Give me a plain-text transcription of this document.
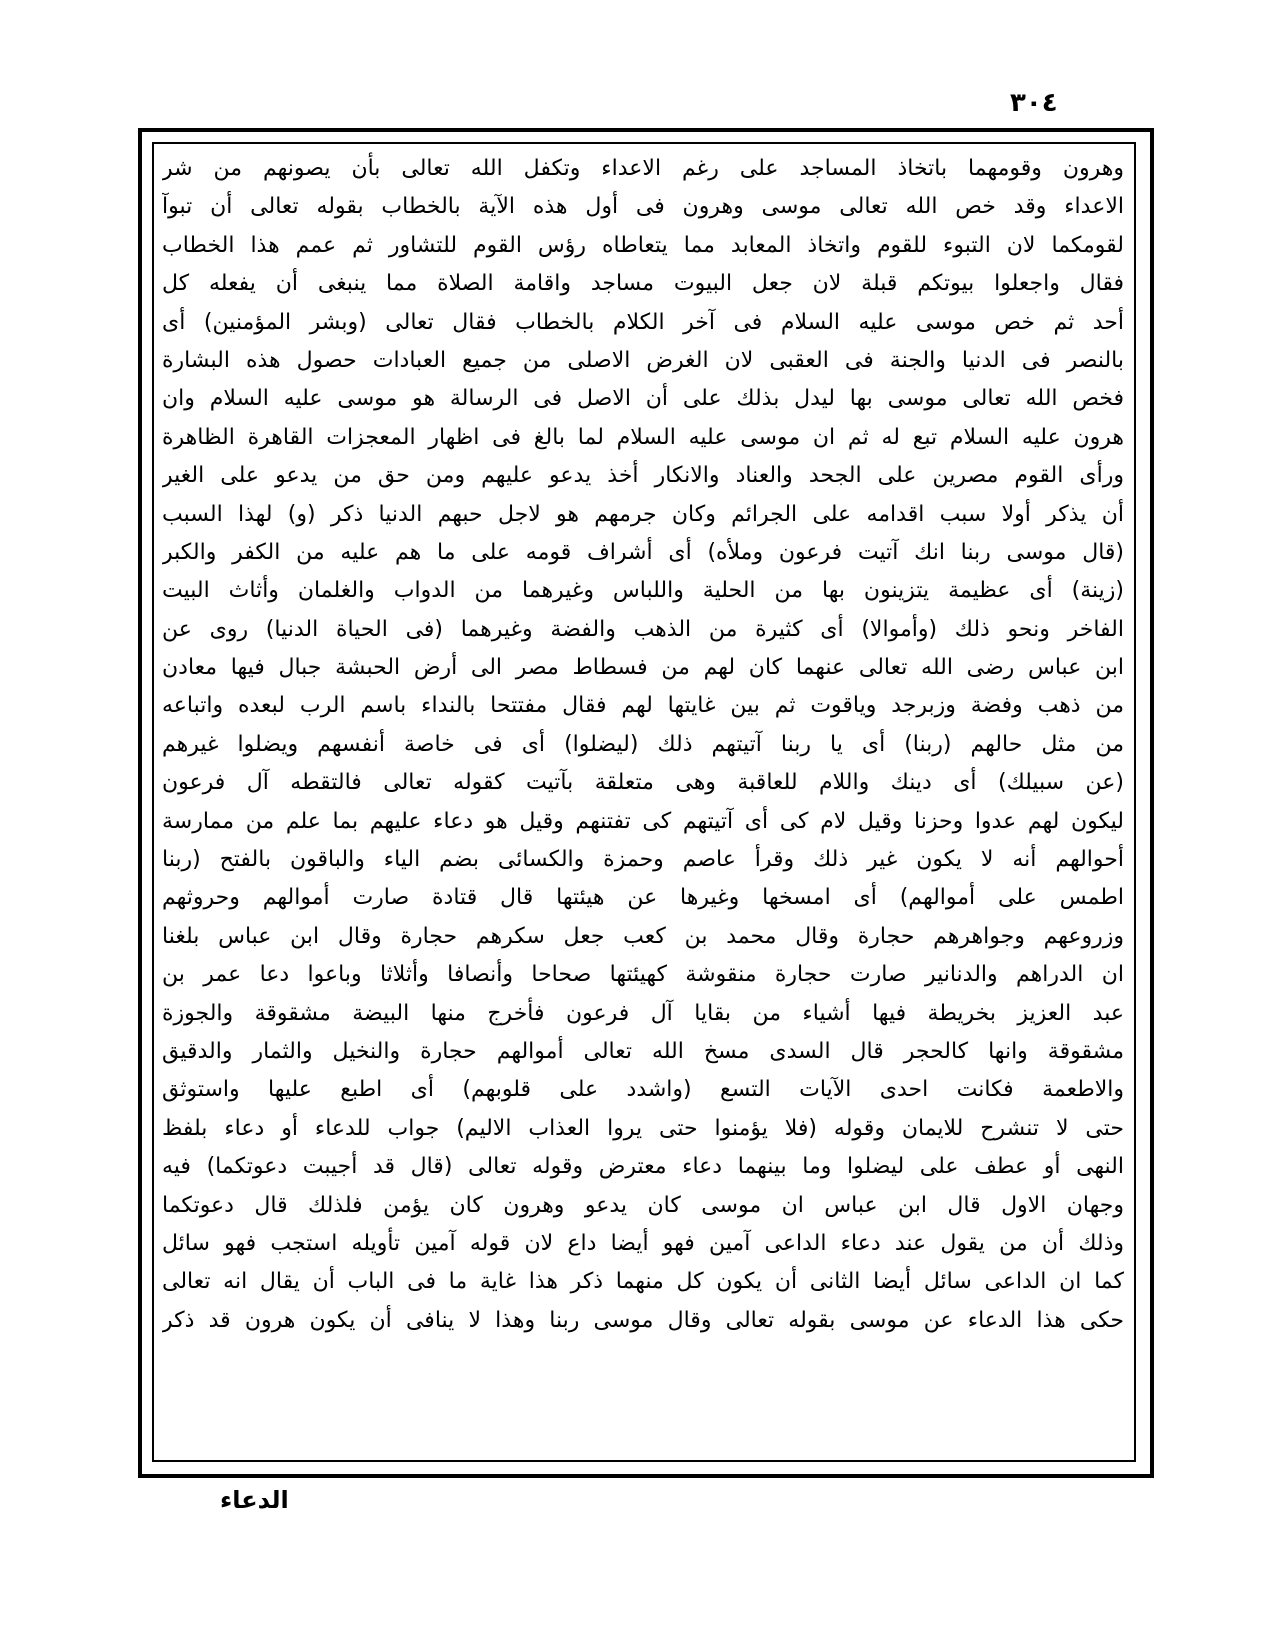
٣٠٤
وهرون وقومهما باتخاذ المساجد على رغم الاعداء وتكفل الله تعالى بأن يصونهم من شر
الاعداء وقد خص الله تعالى موسى وهرون فى أول هذه الآية بالخطاب بقوله تعالى أن تبوآ
لقومكما لان التبوء للقوم واتخاذ المعابد مما يتعاطاه رؤس القوم للتشاور ثم عمم هذا الخطاب
فقال واجعلوا بيوتكم قبلة لان جعل البيوت مساجد واقامة الصلاة مما ينبغى أن يفعله كل
أحد ثم خص موسى عليه السلام فى آخر الكلام بالخطاب فقال تعالى (وبشر المؤمنين) أى
بالنصر فى الدنيا والجنة فى العقبى لان الغرض الاصلى من جميع العبادات حصول هذه البشارة
فخص الله تعالى موسى بها ليدل بذلك على أن الاصل فى الرسالة هو موسى عليه السلام وان
هرون عليه السلام تبع له ثم ان موسى عليه السلام لما بالغ فى اظهار المعجزات القاهرة الظاهرة
ورأى القوم مصرين على الجحد والعناد والانكار أخذ يدعو عليهم ومن حق من يدعو على الغير
أن يذكر أولا سبب اقدامه على الجرائم وكان جرمهم هو لاجل حبهم الدنيا ذكر (و) لهذا السبب
(قال موسى ربنا انك آتيت فرعون وملأه) أى أشراف قومه على ما هم عليه من الكفر والكبر
(زينة) أى عظيمة يتزينون بها من الحلية واللباس وغيرهما من الدواب والغلمان وأثاث البيت
الفاخر ونحو ذلك (وأموالا) أى كثيرة من الذهب والفضة وغيرهما (فى الحياة الدنيا) روى عن
ابن عباس رضى الله تعالى عنهما كان لهم من فسطاط مصر الى أرض الحبشة جبال فيها معادن
من ذهب وفضة وزبرجد وياقوت ثم بين غايتها لهم فقال مفتتحا بالنداء باسم الرب لبعده واتباعه
من مثل حالهم (ربنا) أى يا ربنا آتيتهم ذلك (ليضلوا) أى فى خاصة أنفسهم ويضلوا غيرهم
(عن سبيلك) أى دينك واللام للعاقبة وهى متعلقة بآتيت كقوله تعالى فالتقطه آل فرعون
ليكون لهم عدوا وحزنا وقيل لام كى أى آتيتهم كى تفتنهم وقيل هو دعاء عليهم بما علم من ممارسة
أحوالهم أنه لا يكون غير ذلك وقرأ عاصم وحمزة والكسائى بضم الياء والباقون بالفتح (ربنا
اطمس على أموالهم) أى امسخها وغيرها عن هيئتها قال قتادة صارت أموالهم وحروثهم
وزروعهم وجواهرهم حجارة وقال محمد بن كعب جعل سكرهم حجارة وقال ابن عباس بلغنا
ان الدراهم والدنانير صارت حجارة منقوشة كهيئتها صحاحا وأنصافا وأثلاثا وباعوا دعا عمر بن
عبد العزيز بخريطة فيها أشياء من بقايا آل فرعون فأخرج منها البيضة مشقوقة والجوزة
مشقوقة وانها كالحجر قال السدى مسخ الله تعالى أموالهم حجارة والنخيل والثمار والدقيق
والاطعمة فكانت احدى الآيات التسع (واشدد على قلوبهم) أى اطبع عليها واستوثق
حتى لا تنشرح للايمان وقوله (فلا يؤمنوا حتى يروا العذاب الاليم) جواب للدعاء أو دعاء بلفظ
النهى أو عطف على ليضلوا وما بينهما دعاء معترض وقوله تعالى (قال قد أجيبت دعوتكما) فيه
وجهان الاول قال ابن عباس ان موسى كان يدعو وهرون كان يؤمن فلذلك قال دعوتكما
وذلك أن من يقول عند دعاء الداعى آمين فهو أيضا داع لان قوله آمين تأويله استجب فهو سائل
كما ان الداعى سائل أيضا الثانى أن يكون كل منهما ذكر هذا غاية ما فى الباب أن يقال انه تعالى
حكى هذا الدعاء عن موسى بقوله تعالى وقال موسى ربنا وهذا لا ينافى أن يكون هرون قد ذكر
الدعاء
